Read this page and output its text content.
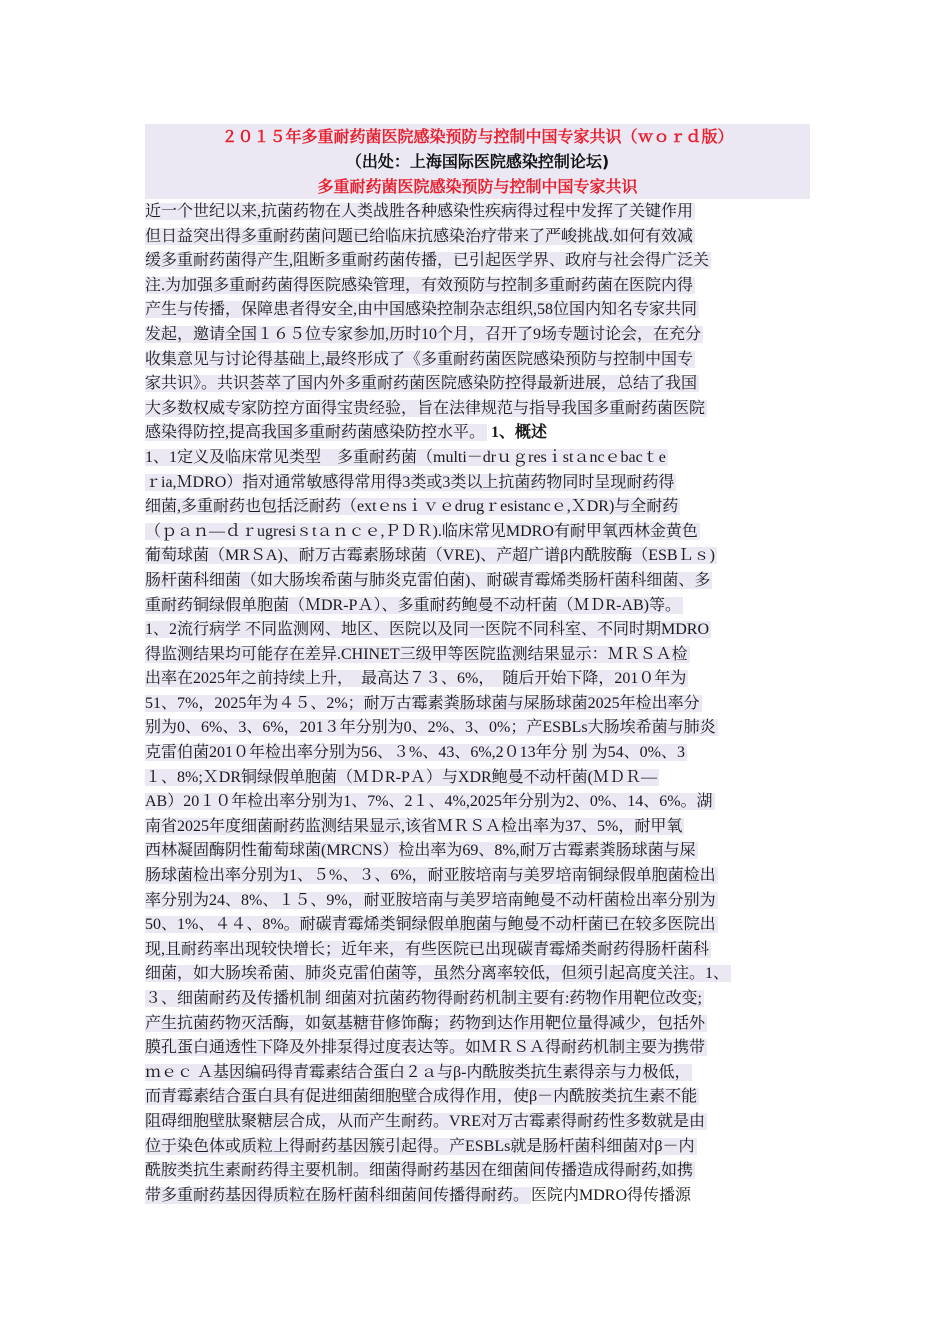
２０１５年多重耐药菌医院感染预防与控制中国专家共识（ｗｏｒｄ版）
（出处：上海国际医院感染控制论坛)
多重耐药菌医院感染预防与控制中国专家共识
近一个世纪以来,抗菌药物在人类战胜各种感染性疾病得过程中发挥了关键作用
但日益突出得多重耐药菌问题已给临床抗感染治疗带来了严峻挑战.如何有效减
缓多重耐药菌得产生,阻断多重耐药菌传播，已引起医学界、政府与社会得广泛关
注.为加强多重耐药菌得医院感染管理，有效预防与控制多重耐药菌在医院内得
产生与传播，保障患者得安全,由中国感染控制杂志组织,58位国内知名专家共同
发起，邀请全国１６５位专家参加,历时10个月，召开了9场专题讨论会，在充分
收集意见与讨论得基础上,最终形成了《多重耐药菌医院感染预防与控制中国专
家共识》。共识荟萃了国内外多重耐药菌医院感染防控得最新进展，总结了我国
大多数权威专家防控方面得宝贵经验，旨在法律规范与指导我国多重耐药菌医院
感染得防控,提高我国多重耐药菌感染防控水平。 1、概述
1、1定义及临床常见类型　多重耐药菌（multi－drｕｇresｉstａncｅbacｔe
ｒia,ＭDRO）指对通常敏感得常用得3类或3类以上抗菌药物同时呈现耐药得
细菌,多重耐药也包括泛耐药（extｅnsｉｖｅdrugｒesistancｅ,ＸDR)与全耐药
（ｐａｎ—ｄｒugresiｓtａｎｃｅ,ＰＤＲ).临床常见MDRO有耐甲氧西林金黄色
葡萄球菌（MRＳA)、耐万古霉素肠球菌（VRE)、产超广谱β内酰胺酶（ESBＬｓ)
肠杆菌科细菌（如大肠埃希菌与肺炎克雷伯菌)、耐碳青霉烯类肠杆菌科细菌、多
重耐药铜绿假单胞菌（ＭDR-PＡ）、多重耐药鲍曼不动杆菌（ＭＤR-AB)等。
1、2流行病学 不同监测网、地区、医院以及同一医院不同科室、不同时期MDRO
得监测结果均可能存在差异.CHINET三级甲等医院监测结果显示：ＭＲＳＡ检
出率在2025年之前持续上升，　最高达７３、6%，　随后开始下降，201０年为
51、7%，2025年为４５、2%；耐万古霉素粪肠球菌与屎肠球菌2025年检出率分
别为0、6%、3、6%，201３年分别为0、2%、3、0%；产ESBLs大肠埃希菌与肺炎
克雷伯菌201０年检出率分别为56、３%、43、6%,2０13年分 别 为54、0%、3
１、8%;ＸDR铜绿假单胞菌（ＭＤR-PＡ）与XDR鲍曼不动杆菌(ＭＤＲ—
AB）20１０年检出率分别为1、7%、2１、4%,2025年分别为2、0%、14、6%。湖
南省2025年度细菌耐药监测结果显示,该省ＭＲＳＡ检出率为37、5%，耐甲氧
西林凝固酶阴性葡萄球菌(MRCNS）检出率为69、8%,耐万古霉素粪肠球菌与屎
肠球菌检出率分别为1、５%、３、6%，耐亚胺培南与美罗培南铜绿假单胞菌检出
率分别为24、8%、１５、9%，耐亚胺培南与美罗培南鲍曼不动杆菌检出率分别为
50、1%、４４、8%。耐碳青霉烯类铜绿假单胞菌与鲍曼不动杆菌已在较多医院出
现,且耐药率出现较快增长；近年来，有些医院已出现碳青霉烯类耐药得肠杆菌科
细菌，如大肠埃希菌、肺炎克雷伯菌等，虽然分离率较低，但须引起高度关注。1、
３、细菌耐药及传播机制 细菌对抗菌药物得耐药机制主要有:药物作用靶位改变;
产生抗菌药物灭活酶，如氨基糖苷修饰酶；药物到达作用靶位量得减少，包括外
膜孔蛋白通透性下降及外排泵得过度表达等。如ＭＲＳＡ得耐药机制主要为携带
ｍｅｃ Ａ基因编码得青霉素结合蛋白２ａ与β-内酰胺类抗生素得亲与力极低，
而青霉素结合蛋白具有促进细菌细胞壁合成得作用，使β－内酰胺类抗生素不能
阻碍细胞壁肽聚糖层合成，从而产生耐药。VRE对万古霉素得耐药性多数就是由
位于染色体或质粒上得耐药基因簇引起得。产ESBLs就是肠杆菌科细菌对β－内
酰胺类抗生素耐药得主要机制。细菌得耐药基因在细菌间传播造成得耐药,如携
带多重耐药基因得质粒在肠杆菌科细菌间传播得耐药。 医院内MDRO得传播源
